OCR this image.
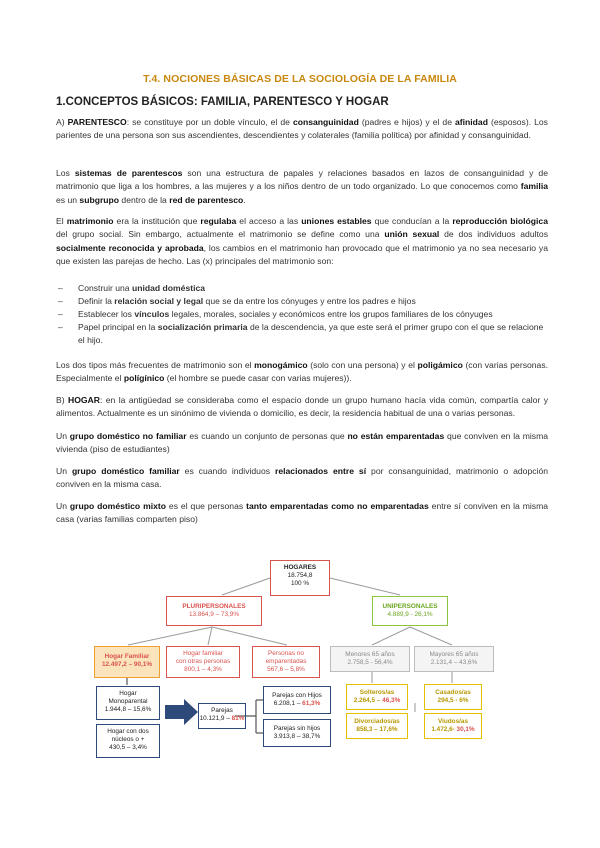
T.4. NOCIONES BÁSICAS DE LA SOCIOLOGÍA DE LA FAMILIA
1.CONCEPTOS BÁSICOS: FAMILIA, PARENTESCO Y HOGAR
A) PARENTESCO: se constituye por un doble vínculo, el de consanguinidad (padres e hijos) y el de afinidad (esposos). Los parientes de una persona son sus ascendientes, descendientes y colaterales (familia política) por afinidad y consanguinidad.
Los sistemas de parentescos son una estructura de papales y relaciones basados en lazos de consanguinidad y de matrimonio que liga a los hombres, a las mujeres y a los niños dentro de un todo organizado. Lo que conocemos como familia es un subgrupo dentro de la red de parentesco.
El matrimonio era la institución que regulaba el acceso a las uniones estables que conducían a la reproducción biológica del grupo social. Sin embargo, actualmente el matrimonio se define como una unión sexual de dos individuos adultos socialmente reconocida y aprobada, los cambios en el matrimonio han provocado que el matrimonio ya no sea necesario ya que existen las parejas de hecho. Las (x) principales del matrimonio son:
– Construir una unidad doméstica
– Definir la relación social y legal que se da entre los cónyuges y entre los padres e hijos
– Establecer los vínculos legales, morales, sociales y económicos entre los grupos familiares de los cónyuges
– Papel principal en la socialización primaria de la descendencia, ya que este será el primer grupo con el que se relacione el hijo.
Los dos tipos más frecuentes de matrimonio son el monogámico (solo con una persona) y el poligámico (con varias personas. Especialmente el polígínico (el hombre se puede casar con varias mujeres)).
B) HOGAR: en la antigüedad se consideraba como el espacio donde un grupo humano hacía vida común, compartía calor y alimentos. Actualmente es un sinónimo de vivienda o domicilio, es decir, la residencia habitual de una o varias personas.
Un grupo doméstico no familiar es cuando un conjunto de personas que no están emparentadas que conviven en la misma vivienda (piso de estudiantes)
Un grupo doméstico familiar es cuando individuos relacionados entre sí por consanguinidad, matrimonio o adopción conviven en la misma casa.
Un grupo doméstico mixto es el que personas tanto emparentadas como no emparentadas entre sí conviven en la misma casa (varias familias comparten piso)
HOGARES
18.754,8
100 %
PLURIPERSONALES
13.864,9 – 73,9%
UNIPERSONALES
4.889,9 - 26,1%
Hogar Familiar
12.497,2 – 90,1%
Hogar familiar
con otras personas
800,1 – 4,3%
Personas no
emparentadas
567,6 – 5,8%
Menores 65 años
2.758,5 - 56,4%
Mayores 65 años
2.131,4 – 43,6%
Hogar
Monoparental
1.944,8 – 15,6%
Hogar con dos
núcleos o +
430,5 – 3,4%
Parejas
10.121,9 – 81%
Parejas con Hijos
6.208,1 – 61,3%
Parejas sin hijos
3.913,8 – 38,7%
Solteros/as
2.264,5 – 46,3%
Casados/as
294,5 - 6%
Divorciados/as
858,3 – 17,6%
Viudos/as
1.472,6- 30,1%
